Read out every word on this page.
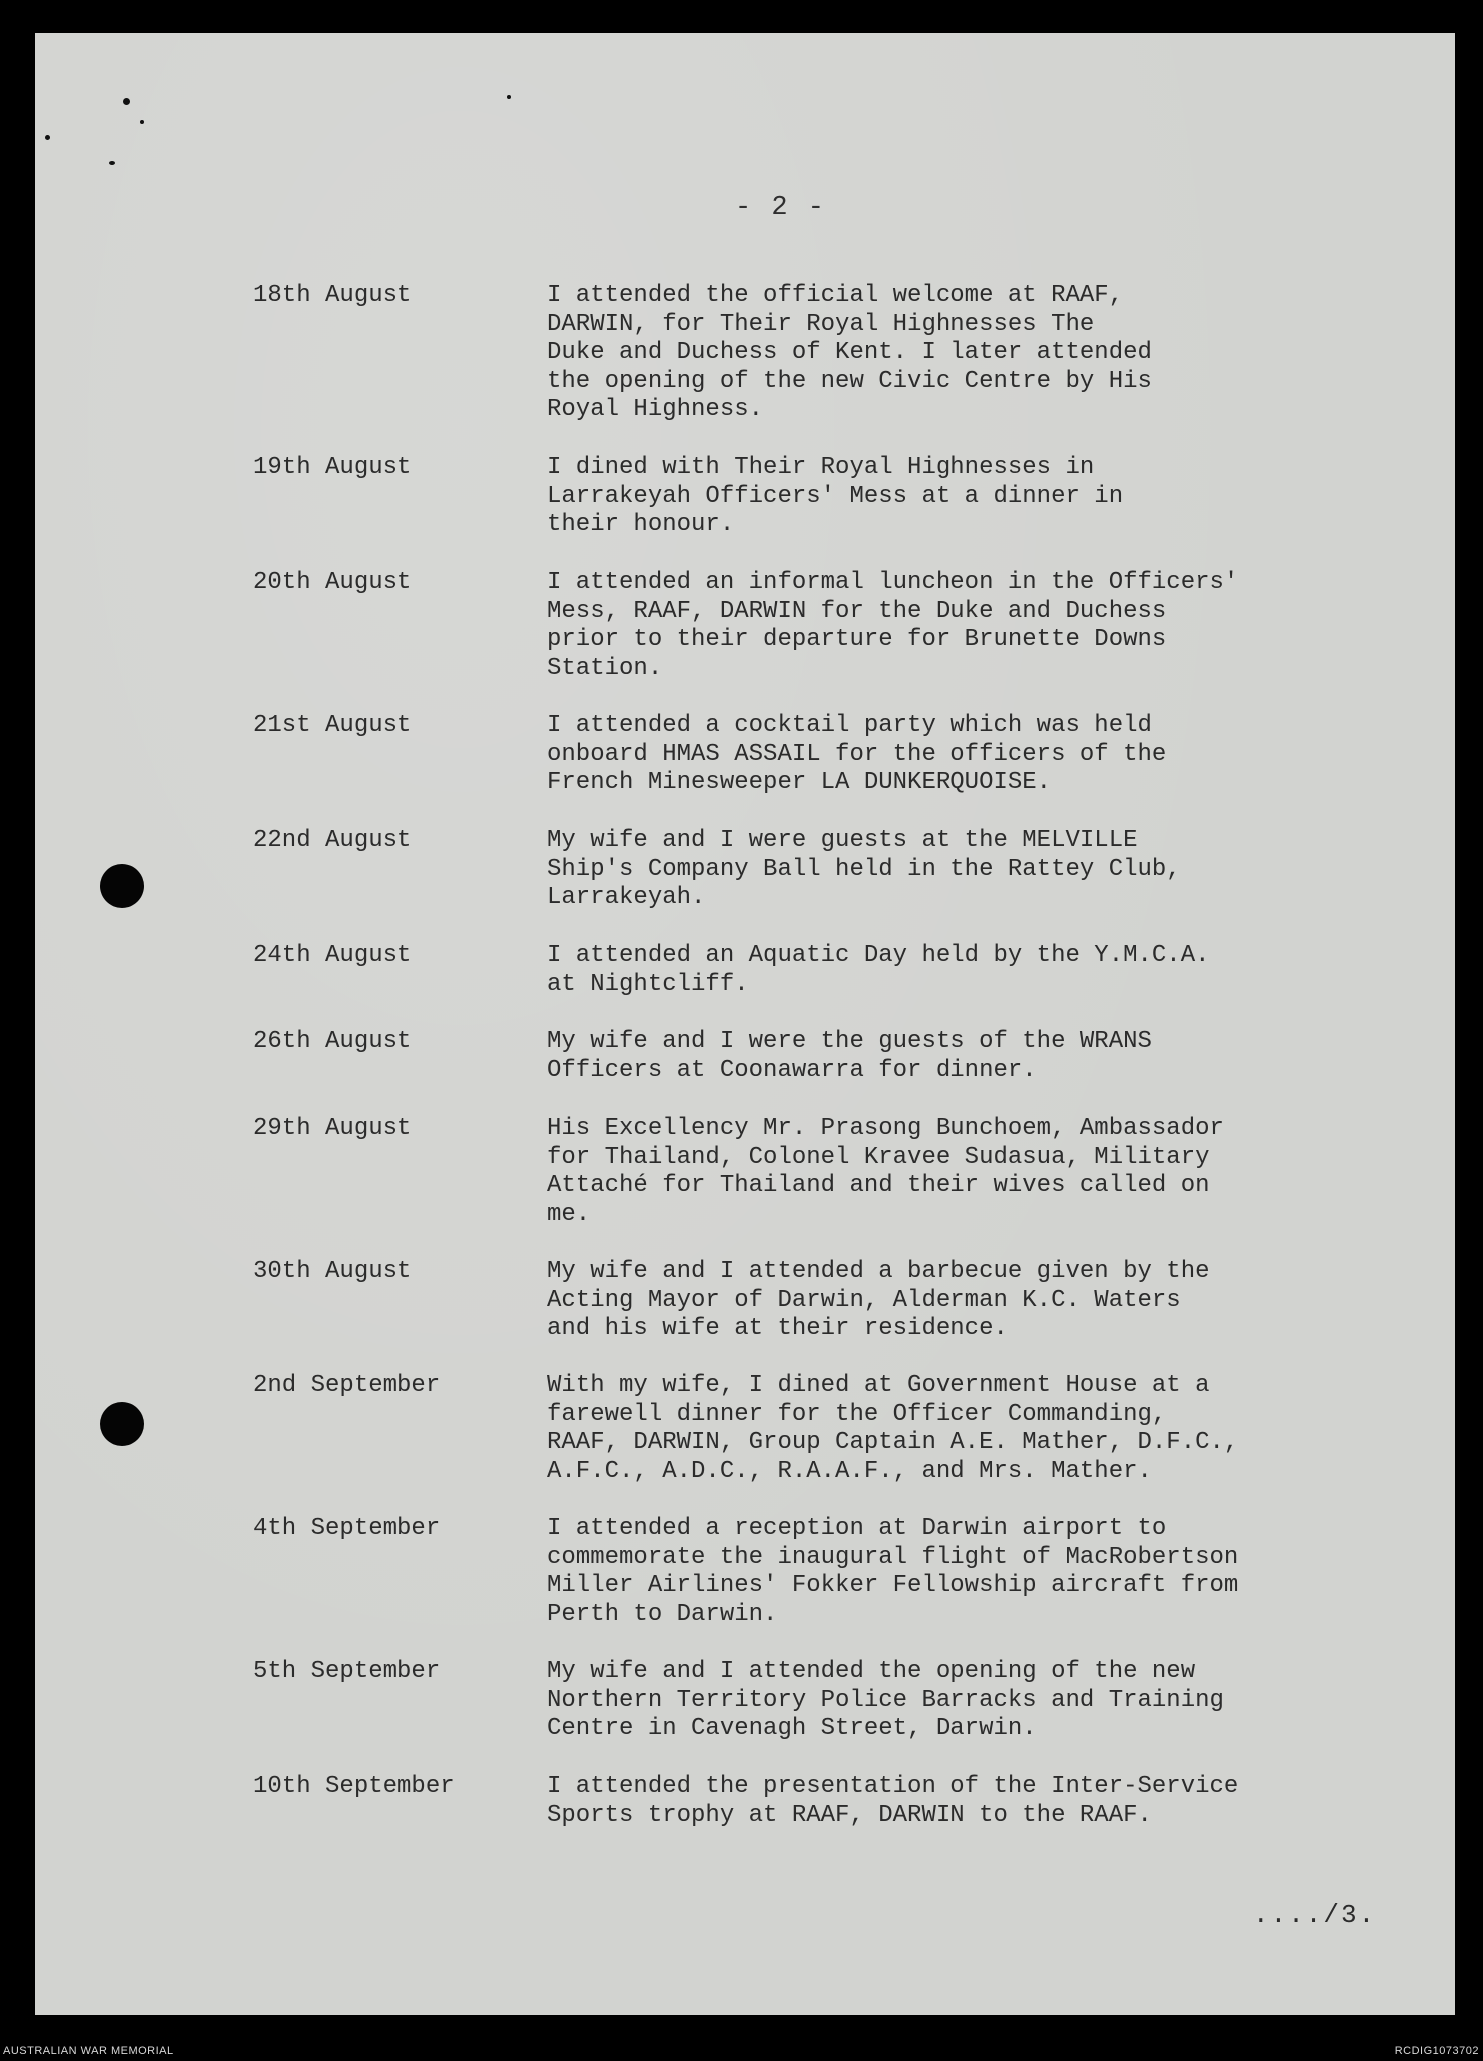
- 2 -
18th August	I attended the official welcome at RAAF,
DARWIN, for Their Royal Highnesses The
Duke and Duchess of Kent. I later attended
the opening of the new Civic Centre by His
Royal Highness.
19th August	I dined with Their Royal Highnesses in
Larrakeyah Officers' Mess at a dinner in
their honour.
20th August	I attended an informal luncheon in the Officers'
Mess, RAAF, DARWIN for the Duke and Duchess
prior to their departure for Brunette Downs
Station.
21st August	I attended a cocktail party which was held
onboard HMAS ASSAIL for the officers of the
French Minesweeper LA DUNKERQUOISE.
22nd August	My wife and I were guests at the MELVILLE
Ship's Company Ball held in the Rattey Club,
Larrakeyah.
24th August	I attended an Aquatic Day held by the Y.M.C.A.
at Nightcliff.
26th August	My wife and I were the guests of the WRANS
Officers at Coonawarra for dinner.
29th August	His Excellency Mr. Prasong Bunchoem, Ambassador
for Thailand, Colonel Kravee Sudasua, Military
Attaché for Thailand and their wives called on
me.
30th August	My wife and I attended a barbecue given by the
Acting Mayor of Darwin, Alderman K.C. Waters
and his wife at their residence.
2nd September	With my wife, I dined at Government House at a
farewell dinner for the Officer Commanding,
RAAF, DARWIN, Group Captain A.E. Mather, D.F.C.,
A.F.C., A.D.C., R.A.A.F., and Mrs. Mather.
4th September	I attended a reception at Darwin airport to
commemorate the inaugural flight of MacRobertson
Miller Airlines' Fokker Fellowship aircraft from
Perth to Darwin.
5th September	My wife and I attended the opening of the new
Northern Territory Police Barracks and Training
Centre in Cavenagh Street, Darwin.
10th September	I attended the presentation of the Inter-Service
Sports trophy at RAAF, DARWIN to the RAAF.
..../3.
AUSTRALIAN WAR MEMORIAL	RCDIG1073702
